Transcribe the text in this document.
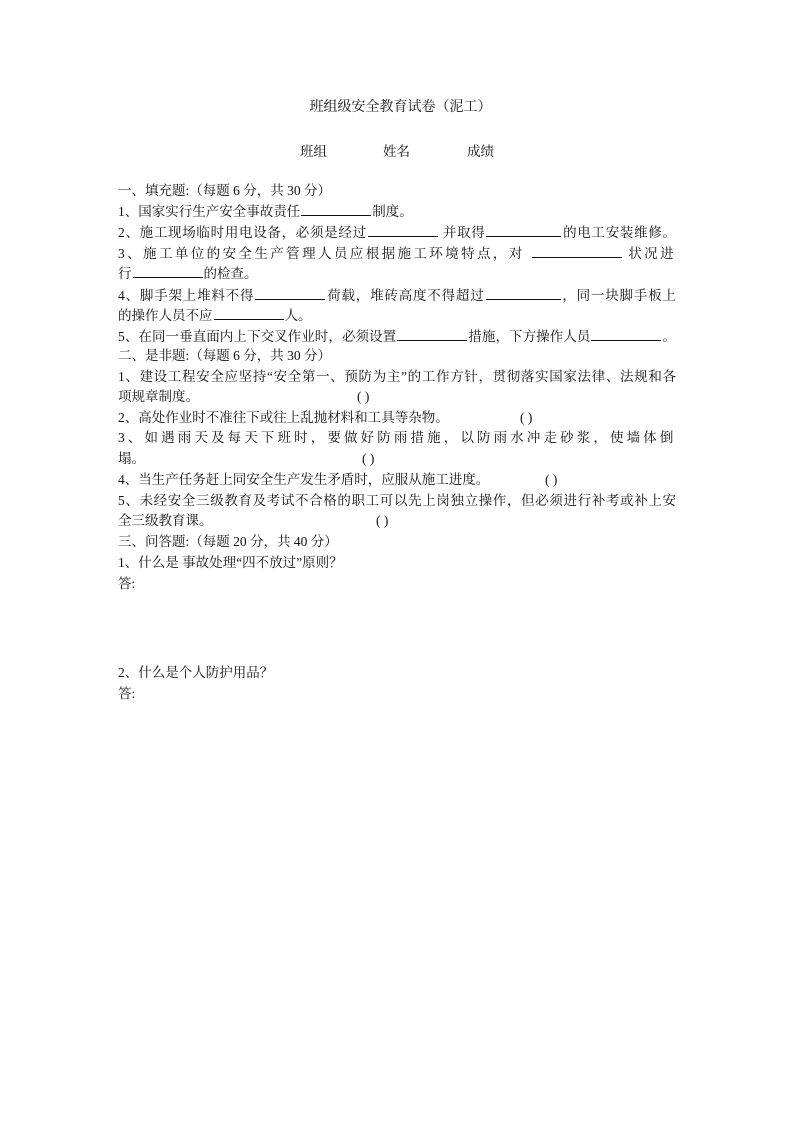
班组级安全教育试卷（泥工）
班组	姓名	成绩
一、填充题:（每题 6 分，共 30 分）
1、国家实行生产安全事故责任	制度。
2、施工现场临时用电设备，必须是经过	并取得	的电工安装维修。
3、施工单位的安全生产管理人员应根据施工环境特点，对	状况进
行	的检查。
4、脚手架上堆料不得	荷载，堆砖高度不得超过	，同一块脚手板上
的操作人员不应	人。
5、在同一垂直面内上下交叉作业时，必须设置	措施，下方操作人员	。
二、是非题:（每题 6 分，共 30 分）
1、建设工程安全应坚持“安全第一、预防为主”的工作方针，贯彻落实国家法律、法规和各
项规章制度。	( )
2、高处作业时不准往下或往上乱抛材料和工具等杂物。	( )
3、如遇雨天及每天下班时，要做好防雨措施，以防雨水冲走砂浆，使墙体倒
塌。	( )
4、当生产任务赶上同安全生产发生矛盾时，应服从施工进度。	( )
5、未经安全三级教育及考试不合格的职工可以先上岗独立操作，但必须进行补考或补上安
全三级教育课。	( )
三、问答题:（每题 20 分，共 40 分）
1、什么是 事故处理“四不放过”原则？
答:
2、什么是个人防护用品？
答:
